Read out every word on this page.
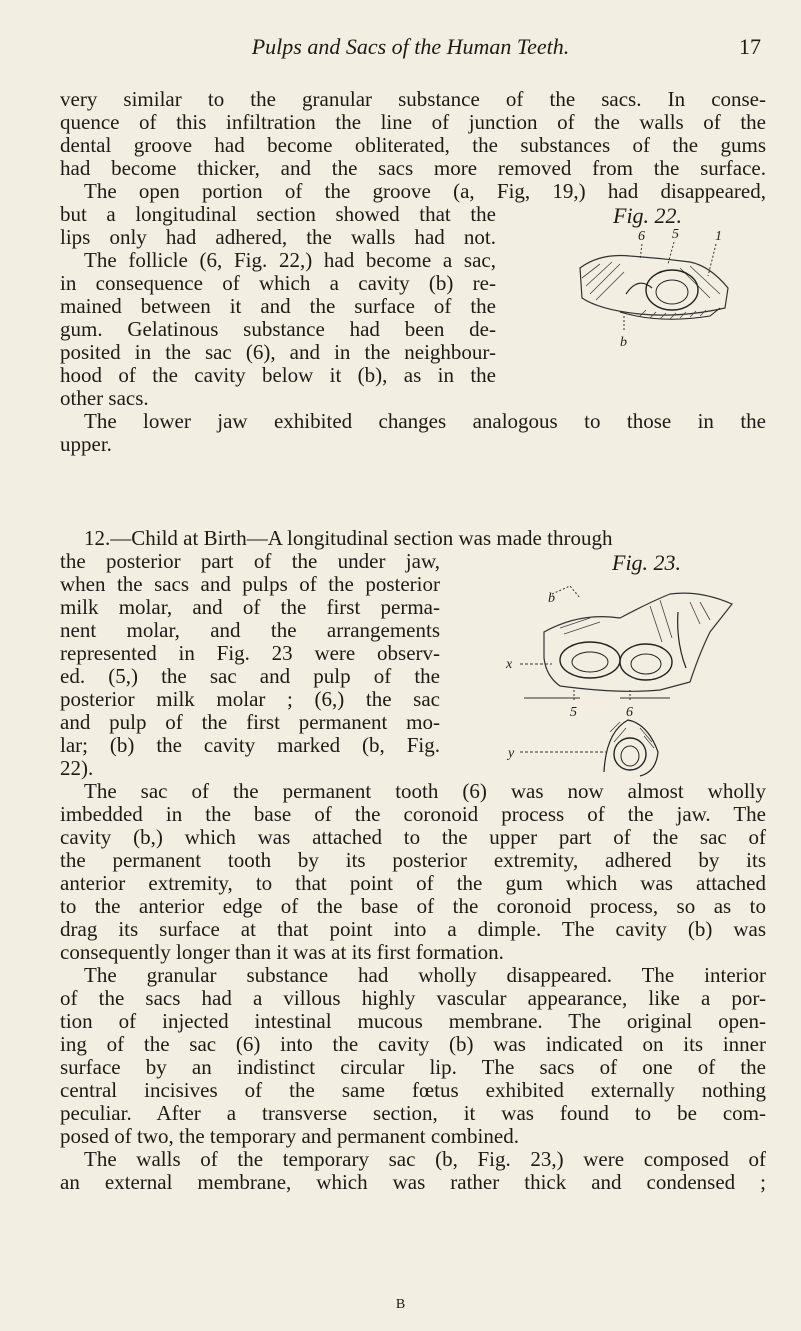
Pulps and Sacs of the Human Teeth.	17
very similar to the granular substance of the sacs. In conse-
quence of this infiltration the line of junction of the walls of the
dental groove had become obliterated, the substances of the gums
had become thicker, and the sacs more removed from the surface.
The open portion of the groove (a, Fig, 19,) had disappeared,
but a longitudinal section showed that the
lips only had adhered, the walls had not.
The follicle (6, Fig. 22,) had become a sac,
in consequence of which a cavity (b) re-
mained between it and the surface of the
gum. Gelatinous substance had been de-
posited in the sac (6), and in the neighbour-
hood of the cavity below it (b), as in the
other sacs.
The lower jaw exhibited changes analogous to those in the
upper.
Fig. 22.
6 5	1
b
12.—Child at Birth—A longitudinal section was made through
the posterior part of the under jaw,
when the sacs and pulps of the posterior
milk molar, and of the first perma-
nent molar, and the arrangements
represented in Fig. 23 were observ-
ed. (5,) the sac and pulp of the
posterior milk molar ; (6,) the sac
and pulp of the first permanent mo-
lar; (b) the cavity marked (b, Fig.
22).
Fig. 23.
b
x
5	6
y
The sac of the permanent tooth (6) was now almost wholly
imbedded in the base of the coronoid process of the jaw. The
cavity (b,) which was attached to the upper part of the sac of
the permanent tooth by its posterior extremity, adhered by its
anterior extremity, to that point of the gum which was attached
to the anterior edge of the base of the coronoid process, so as to
drag its surface at that point into a dimple. The cavity (b) was
consequently longer than it was at its first formation.
The granular substance had wholly disappeared. The interior
of the sacs had a villous highly vascular appearance, like a por-
tion of injected intestinal mucous membrane. The original open-
ing of the sac (6) into the cavity (b) was indicated on its inner
surface by an indistinct circular lip. The sacs of one of the
central incisives of the same fœtus exhibited externally nothing
peculiar. After a transverse section, it was found to be com-
posed of two, the temporary and permanent combined.
The walls of the temporary sac (b, Fig. 23,) were composed of
an external membrane, which was rather thick and condensed ;
B
